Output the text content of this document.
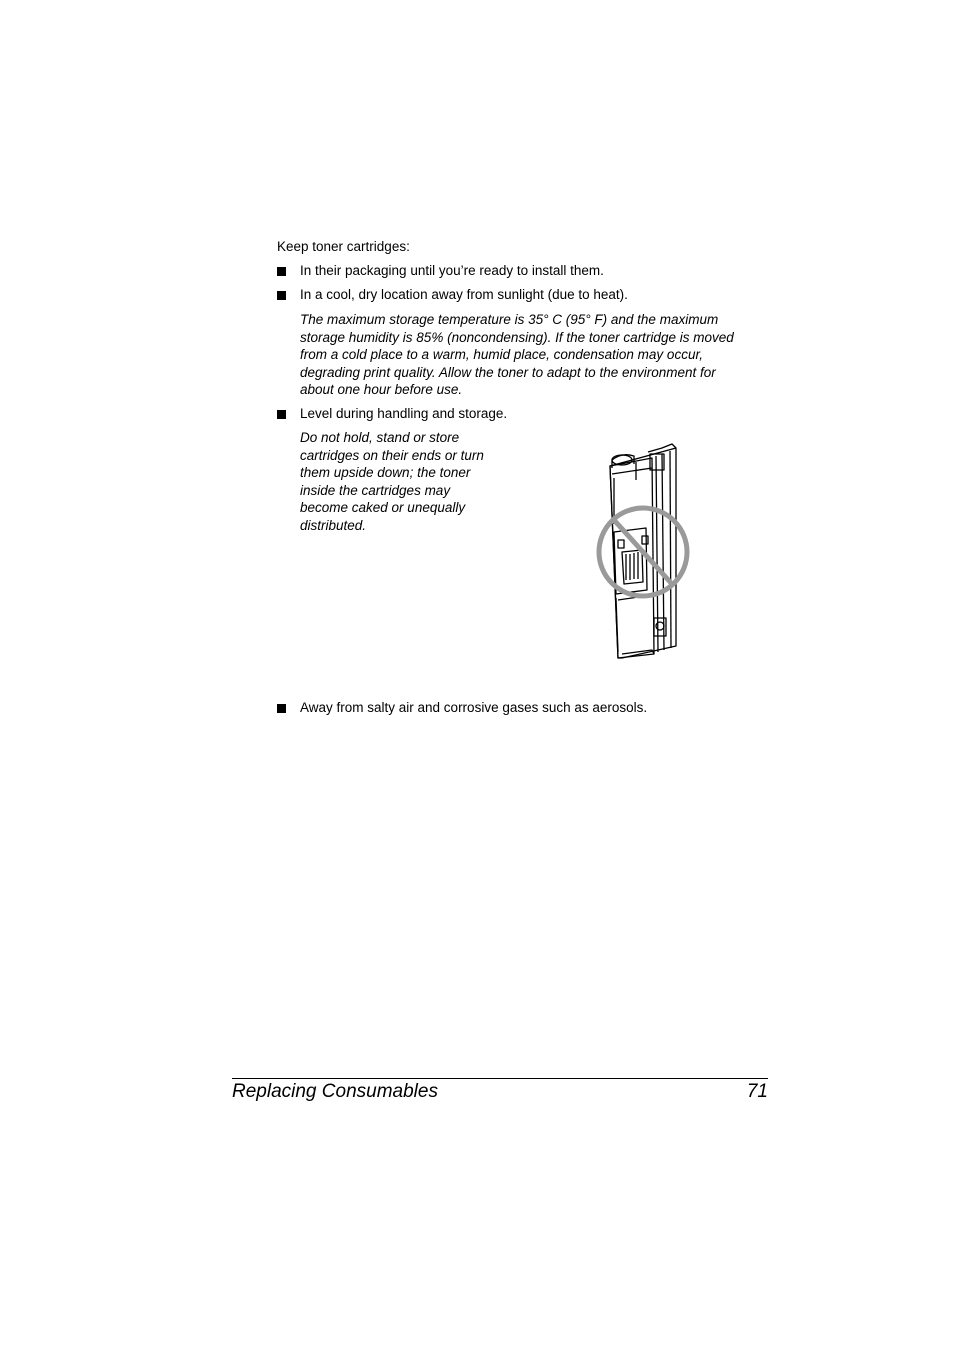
Keep toner cartridges:
In their packaging until you’re ready to install them.
In a cool, dry location away from sunlight (due to heat).

The maximum storage temperature is 35° C (95° F) and the maximum

storage humidity is 85% (noncondensing). If the toner cartridge is moved

from a cold place to a warm, humid place, condensation may occur,

degrading print quality. Allow the toner to adapt to the environment for

about one hour before use.

Level during handling and storage.

Do not hold, stand or store

cartridges on their ends or turn

them upside down; the toner

inside the cartridges may

become caked or unequally

distributed.

Away from salty air and corrosive gases such as aerosols.
Replacing Consumables	71
